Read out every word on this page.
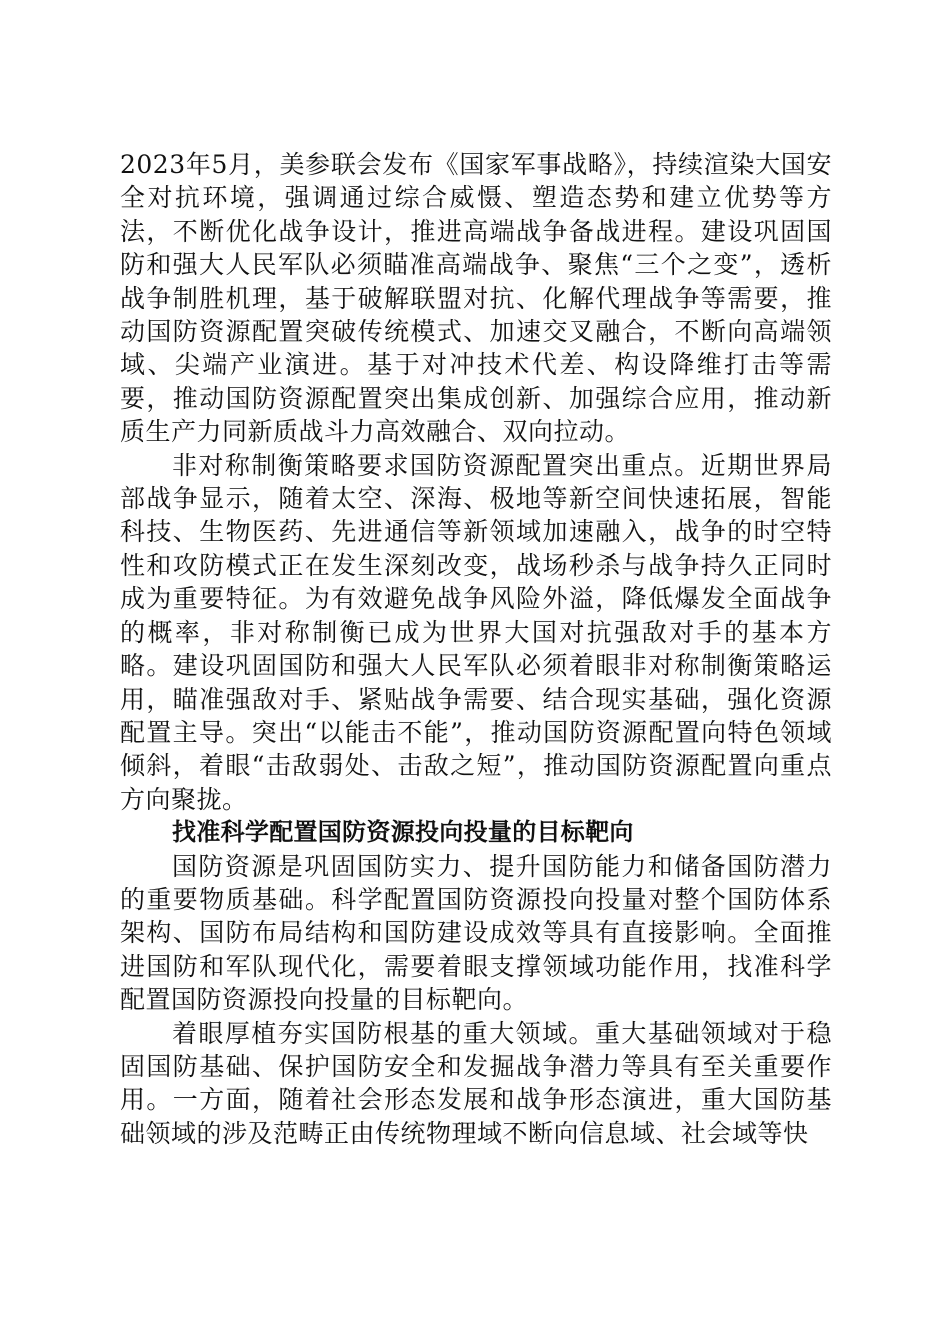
2023年5月，美参联会发布《国家军事战略》，持续渲染大国安全对抗环境，强调通过综合威慑、塑造态势和建立优势等方法，不断优化战争设计，推进高端战争备战进程。建设巩固国防和强大人民军队必须瞄准高端战争、聚焦“三个之变”，透析战争制胜机理，基于破解联盟对抗、化解代理战争等需要，推动国防资源配置突破传统模式、加速交叉融合，不断向高端领域、尖端产业演进。基于对冲技术代差、构设降维打击等需要，推动国防资源配置突出集成创新、加强综合应用，推动新质生产力同新质战斗力高效融合、双向拉动。

非对称制衡策略要求国防资源配置突出重点。近期世界局部战争显示，随着太空、深海、极地等新空间快速拓展，智能科技、生物医药、先进通信等新领域加速融入，战争的时空特性和攻防模式正在发生深刻改变，战场秒杀与战争持久正同时成为重要特征。为有效避免战争风险外溢，降低爆发全面战争的概率，非对称制衡已成为世界大国对抗强敌对手的基本方略。建设巩固国防和强大人民军队必须着眼非对称制衡策略运用，瞄准强敌对手、紧贴战争需要、结合现实基础，强化资源配置主导。突出“以能击不能”，推动国防资源配置向特色领域倾斜，着眼“击敌弱处、击敌之短”，推动国防资源配置向重点方向聚拢。

找准科学配置国防资源投向投量的目标靶向

国防资源是巩固国防实力、提升国防能力和储备国防潜力的重要物质基础。科学配置国防资源投向投量对整个国防体系架构、国防布局结构和国防建设成效等具有直接影响。全面推进国防和军队现代化，需要着眼支撑领域功能作用，找准科学配置国防资源投向投量的目标靶向。

着眼厚植夯实国防根基的重大领域。重大基础领域对于稳固国防基础、保护国防安全和发掘战争潜力等具有至关重要作用。一方面，随着社会形态发展和战争形态演进，重大国防基础领域的涉及范畴正由传统物理域不断向信息域、社会域等快
